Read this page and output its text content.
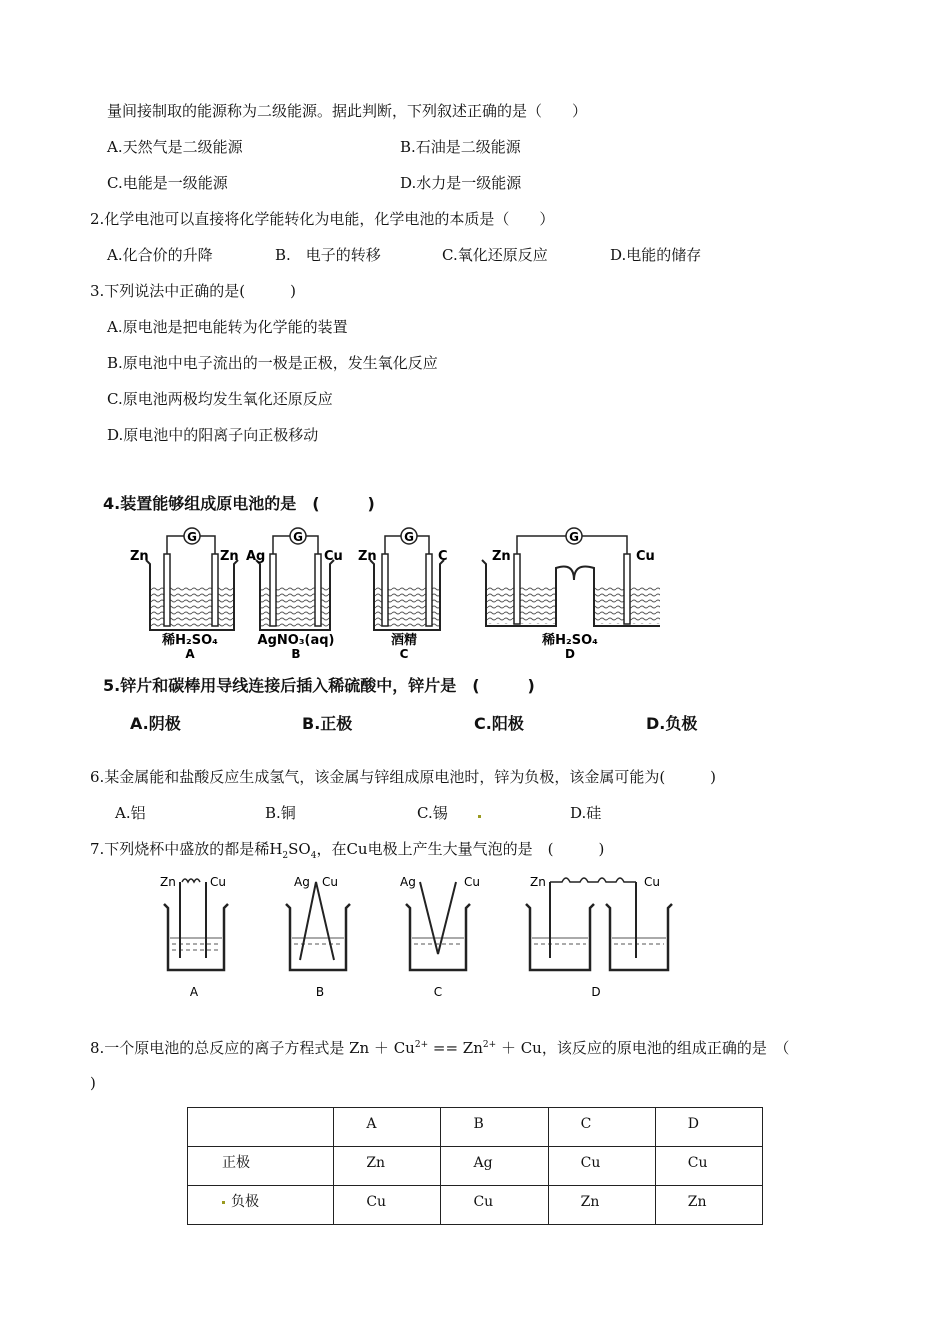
量间接制取的能源称为二级能源。据此判断，下列叙述正确的是（　　）
A.天然气是二级能源	B.石油是二级能源
C.电能是一级能源	D.水力是一级能源
2.化学电池可以直接将化学能转化为电能，化学电池的本质是（　　）
A.化合价的升降	B.　电子的转移	C.氧化还原反应	D.电能的储存
3.下列说法中正确的是(　　　)
A.原电池是把电能转为化学能的装置
B.原电池中电子流出的一极是正极，发生氧化反应
C.原电池两极均发生氧化还原反应
D.原电池中的阳离子向正极移动
4.装置能够组成原电池的是　(　　　)
G
Zn	Zn
稀H₂SO₄
A
G
Ag	Cu
AgNO₃(aq)
B
G
Zn	C
酒精
C
G
Zn	Cu
稀H₂SO₄
D
5.锌片和碳棒用导线连接后插入稀硫酸中，锌片是　(　　　)
A.阴极	B.正极	C.阳极	D.负极
6.某金属能和盐酸反应生成氢气，该金属与锌组成原电池时，锌为负极，该金属可能为(　　　)
A.铝	B.铜	C.锡	D.硅
7.下列烧杯中盛放的都是稀$H_2SO_4$，在Cu电极上产生大量气泡的是　(　　　)
Zn	Cu
A
Ag Cu
B
Ag	Cu
C
Zn	Cu
D
8.一个原电池的总反应的离子方程式是 $Zn + Cu^{2+} == Zn^{2+} + Cu$，该反应的原电池的组成正确的是　（
)
	A	B	C	D
正极	Zn	Ag	Cu	Cu
负极	Cu	Cu	Zn	Zn
